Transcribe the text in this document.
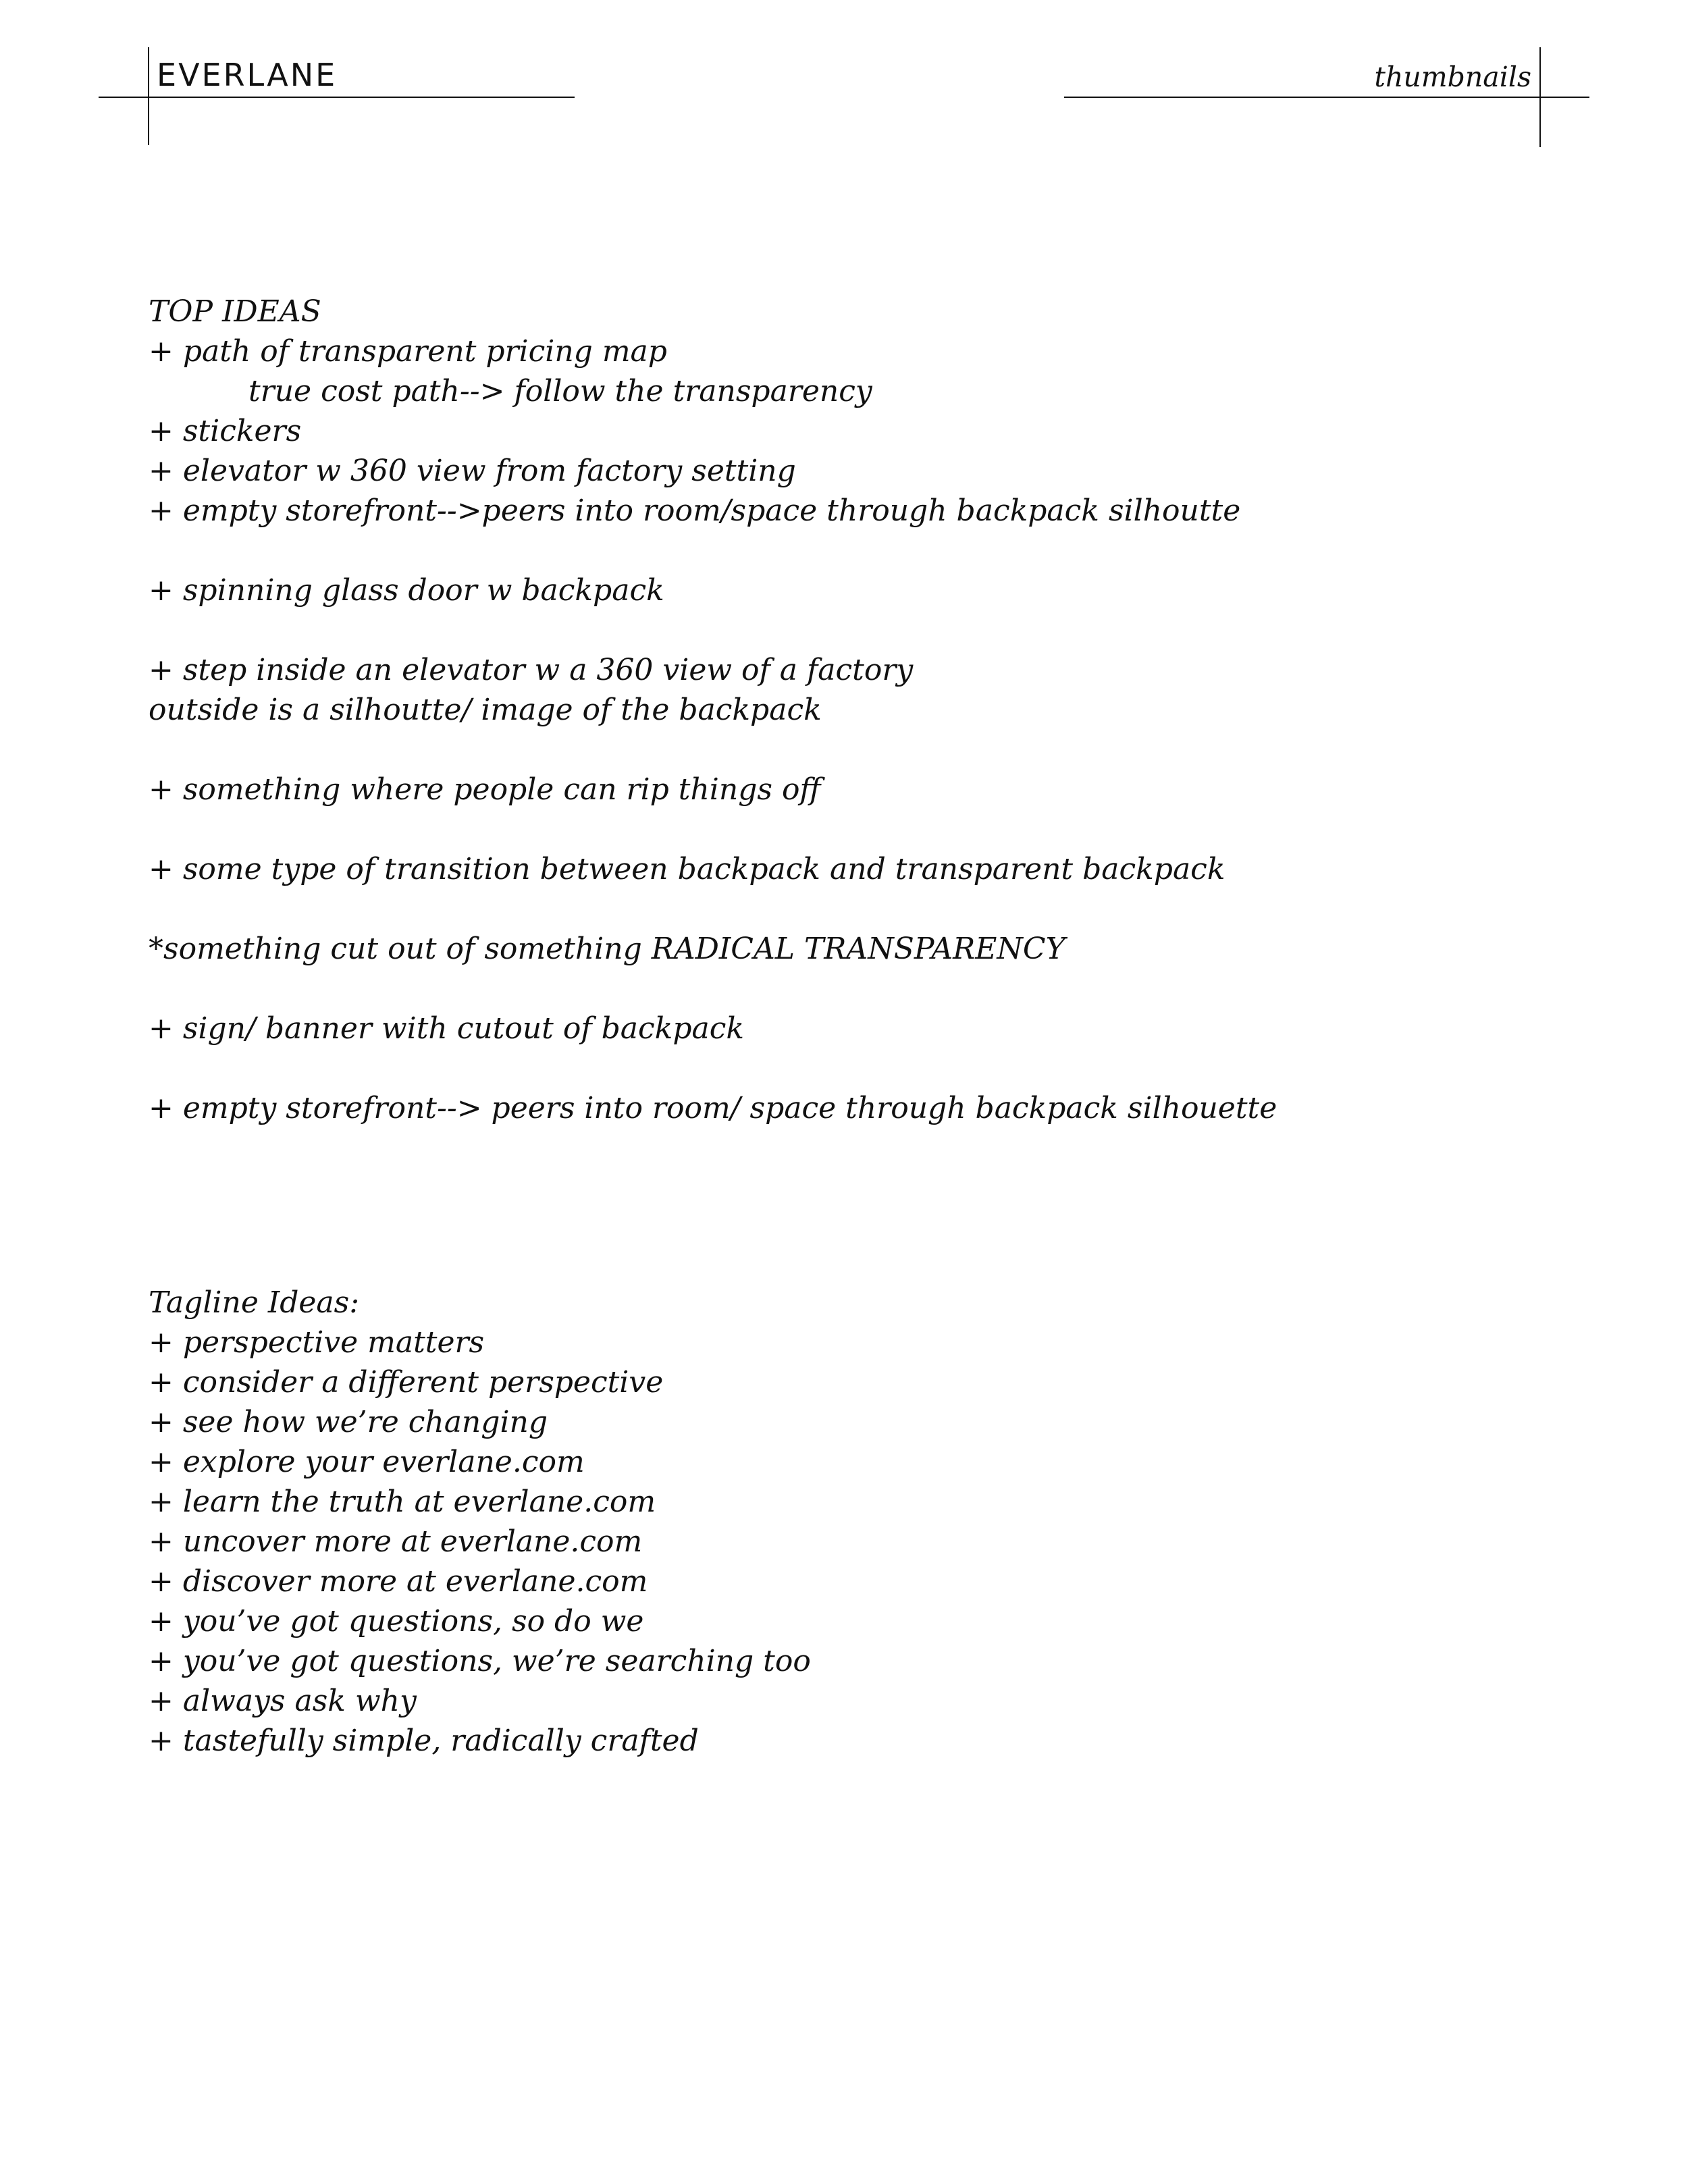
EVERLANE	thumbnails
TOP IDEAS
+ path of transparent pricing map
true cost path--> follow the transparency
+ stickers
+ elevator w 360 view from factory setting
+ empty storefront-->peers into room/space through backpack silhoutte
+ spinning glass door w backpack
+ step inside an elevator w a 360 view of a factory
outside is a silhoutte/ image of the backpack
+ something where people can rip things off
+ some type of transition between backpack and transparent backpack
*something cut out of something RADICAL TRANSPARENCY
+ sign/ banner with cutout of backpack
+ empty storefront--> peers into room/ space through backpack silhouette
Tagline Ideas:
+ perspective matters
+ consider a different perspective
+ see how we’re changing
+ explore your everlane.com
+ learn the truth at everlane.com
+ uncover more at everlane.com
+ discover more at everlane.com
+ you’ve got questions, so do we
+ you’ve got questions, we’re searching too
+ always ask why
+ tastefully simple, radically crafted
